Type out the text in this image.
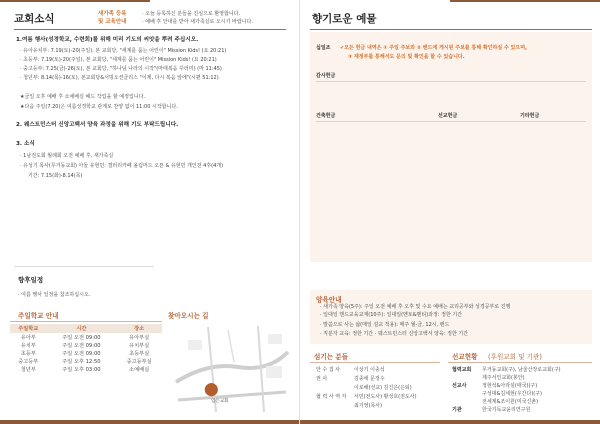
교회소식	새가족 등록
및 교육안내
· 오늘 등록하신 분들을 진심으로 환영합니다.
· 예배 후 안내를 받아 새가족실로 오시기 바랍니다.
1.여름 행사(성경학교, 수련회)를 위해 미리 기도의 씨앗을 뿌려 주십시오.
· 유아유치부: 7.19(토)-20(주일), 본 교회당, "세계를 품는 어린이" Mission Kids! (요 20:21)
· 초등부: 7.19(토)-20(주일), 본 교회당, "세계를 품는 어린이" Mission Kids! (요 20:21)
· 중고등부: 7.25(금)-26(토), 본 교회당, "하나님 나라의 시작"(마태복음 꾸러미) (마 11:45)
· 청년부: 8.14(목)-16(토), 본교회당&서빙오션클리스 "이제, 다시 복음 앞에"(시편 51:12)
★금일 오후 예배 후 소예배실 헤드 작업을 할 예정입니다.
★다음 주일(7.20)은 여름성경학교 관계로 찬양 없이 11:00 시작합니다.
2. 웨스트민스터 신앙고백서 양육 과정을 위해 기도 부탁드립니다.
3. 소식
· 1남전도회 월례회 오전 예배 후, 새가족실
· 유성기 목사(무거동교회) 아들 유현민: 갤러리카페 올림머드 오픈 & 유현민 개인전 4후(4개)
기간: 7.15(화)-8.14(목)
향후일정
· 여름 행사 일정을 참조하십시오.
주일학교 안내
주일학교	시간	장소
유아부	주일 오전 09:00	유아부실
유치부	주일 오전 09:00	유치부실
초등부	주일 오전 09:00	초등부실
중고등부	주일 오후 12:50	중고등부실
청년부	주일 오후 03:00	소예배실
찾아오시는 길
⬤
임은교회
향기로운 예물
십일조 ✔모든 헌금 내역은 ① 주일 주보와 ② 밴드에 게시된 주보를 통해 확인하실 수 있으며,
③ 재정부를 통해서도 문의 및 확인을 할 수 있습니다.
감사헌금
건축헌금	선교헌금	기타헌금
양육안내
· 새가족 양육(5주): 주일 오전 예배 후 오후 및 수요 예배는 교리공부와 성경공부로 진행
· 일대일 핸드교육교재(10주): 일대일(멘토&멘티)과정: 정한 기간
· 말씀으로 사는 삶(매일 설교 적용): 매주 월-금, 12시, 밴드
· 직분자 교육: 정한 기간 · 웨스트민스터 신앙고백서 양육: 정한 기간
섬기는 분들
안 수 집 사	이상기 이종석
권 사	김종애 문정수
이로해(선교) 김진은(은퇴)
협 력 사 역 자 서민(전도사) 황성호(전도사)
최기영(목사)
선교현황 (후원교회 및 기관)
협력교회 무거동교회(구), 남울산장로교회(구)
제주서인교회(봉안)
선교사	정현석&아라설(태국)(구)
구성대&김세현(우간다)(구)
전세계&조이원(미국신촌)
기관	한국기독교윤리연구원
